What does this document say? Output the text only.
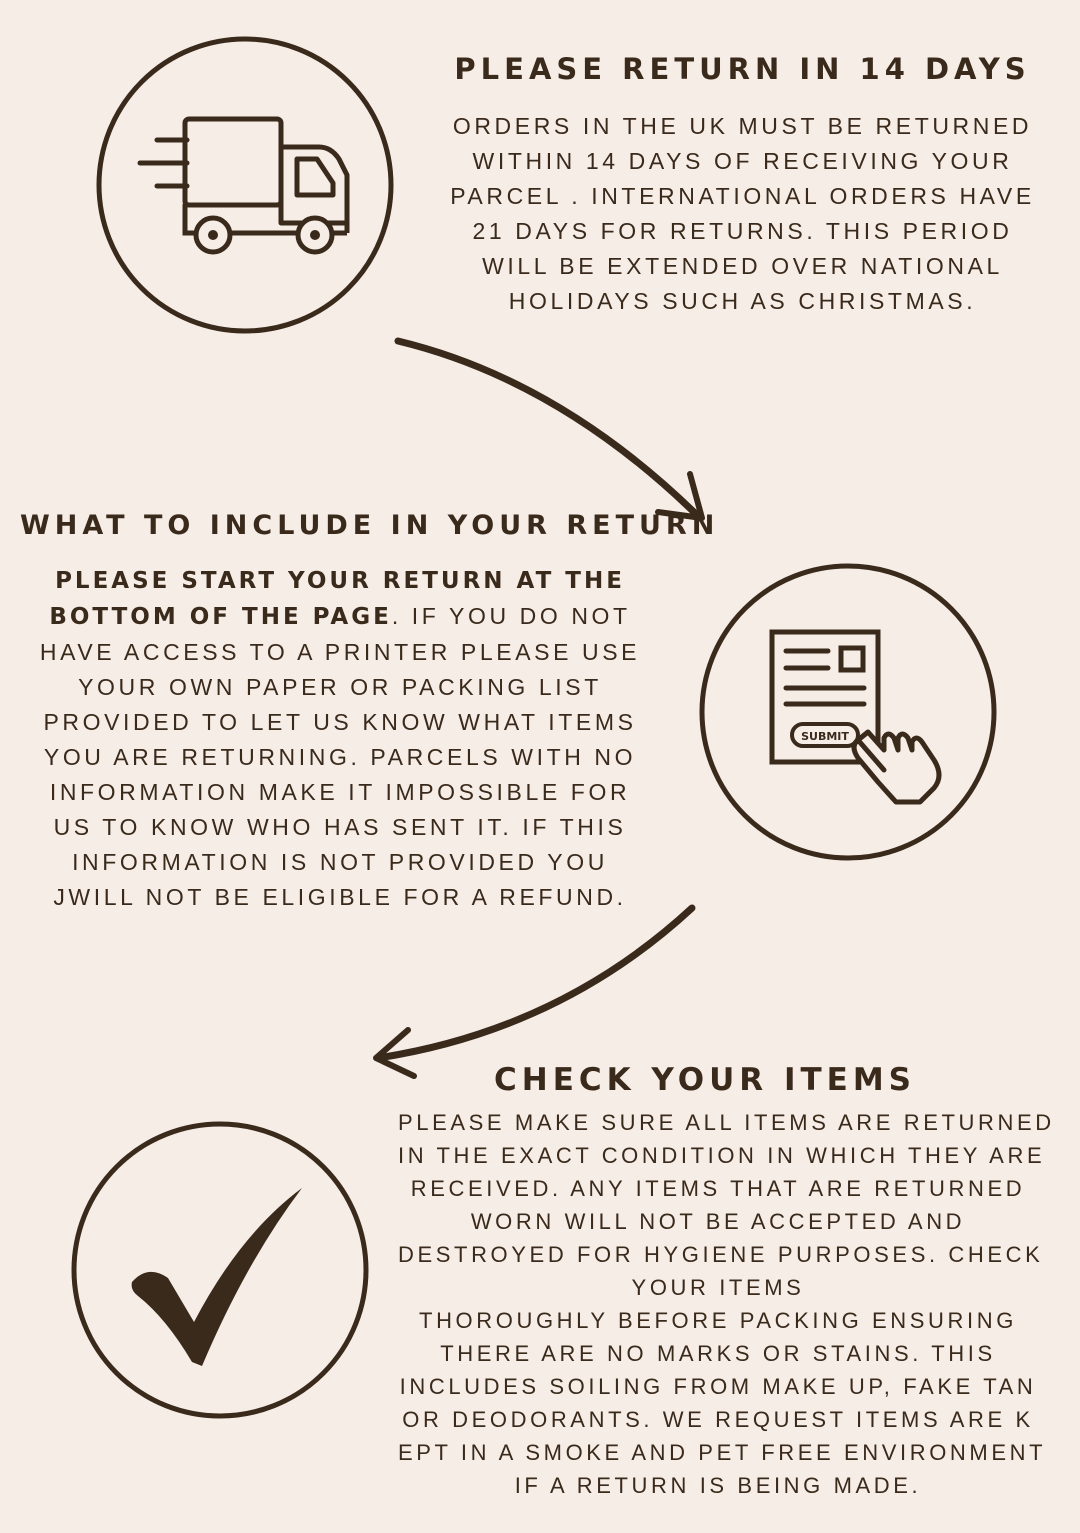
PLEASE RETURN IN 14 DAYS
ORDERS IN THE UK MUST BE RETURNED
WITHIN 14 DAYS OF RECEIVING YOUR
PARCEL . INTERNATIONAL ORDERS HAVE
21 DAYS FOR RETURNS. THIS PERIOD
WILL BE EXTENDED OVER NATIONAL
HOLIDAYS SUCH AS CHRISTMAS.
WHAT TO INCLUDE IN YOUR RETURN
PLEASE START YOUR RETURN AT THE
BOTTOM OF THE PAGE. IF YOU DO NOT
HAVE ACCESS TO A PRINTER PLEASE USE
YOUR OWN PAPER OR PACKING LIST
PROVIDED TO LET US KNOW WHAT ITEMS
YOU ARE RETURNING. PARCELS WITH NO
INFORMATION MAKE IT IMPOSSIBLE FOR
US TO KNOW WHO HAS SENT IT. IF THIS
INFORMATION IS NOT PROVIDED YOU
JWILL NOT BE ELIGIBLE FOR A REFUND.
SUBMIT
CHECK YOUR ITEMS
PLEASE MAKE SURE ALL ITEMS ARE RETURNED
IN THE EXACT CONDITION IN WHICH THEY ARE
RECEIVED. ANY ITEMS THAT ARE RETURNED
WORN WILL NOT BE ACCEPTED AND
DESTROYED FOR HYGIENE PURPOSES. CHECK
YOUR ITEMS
THOROUGHLY BEFORE PACKING ENSURING
THERE ARE NO MARKS OR STAINS. THIS
INCLUDES SOILING FROM MAKE UP, FAKE TAN
OR DEODORANTS. WE REQUEST ITEMS ARE K
EPT IN A SMOKE AND PET FREE ENVIRONMENT
IF A RETURN IS BEING MADE.
